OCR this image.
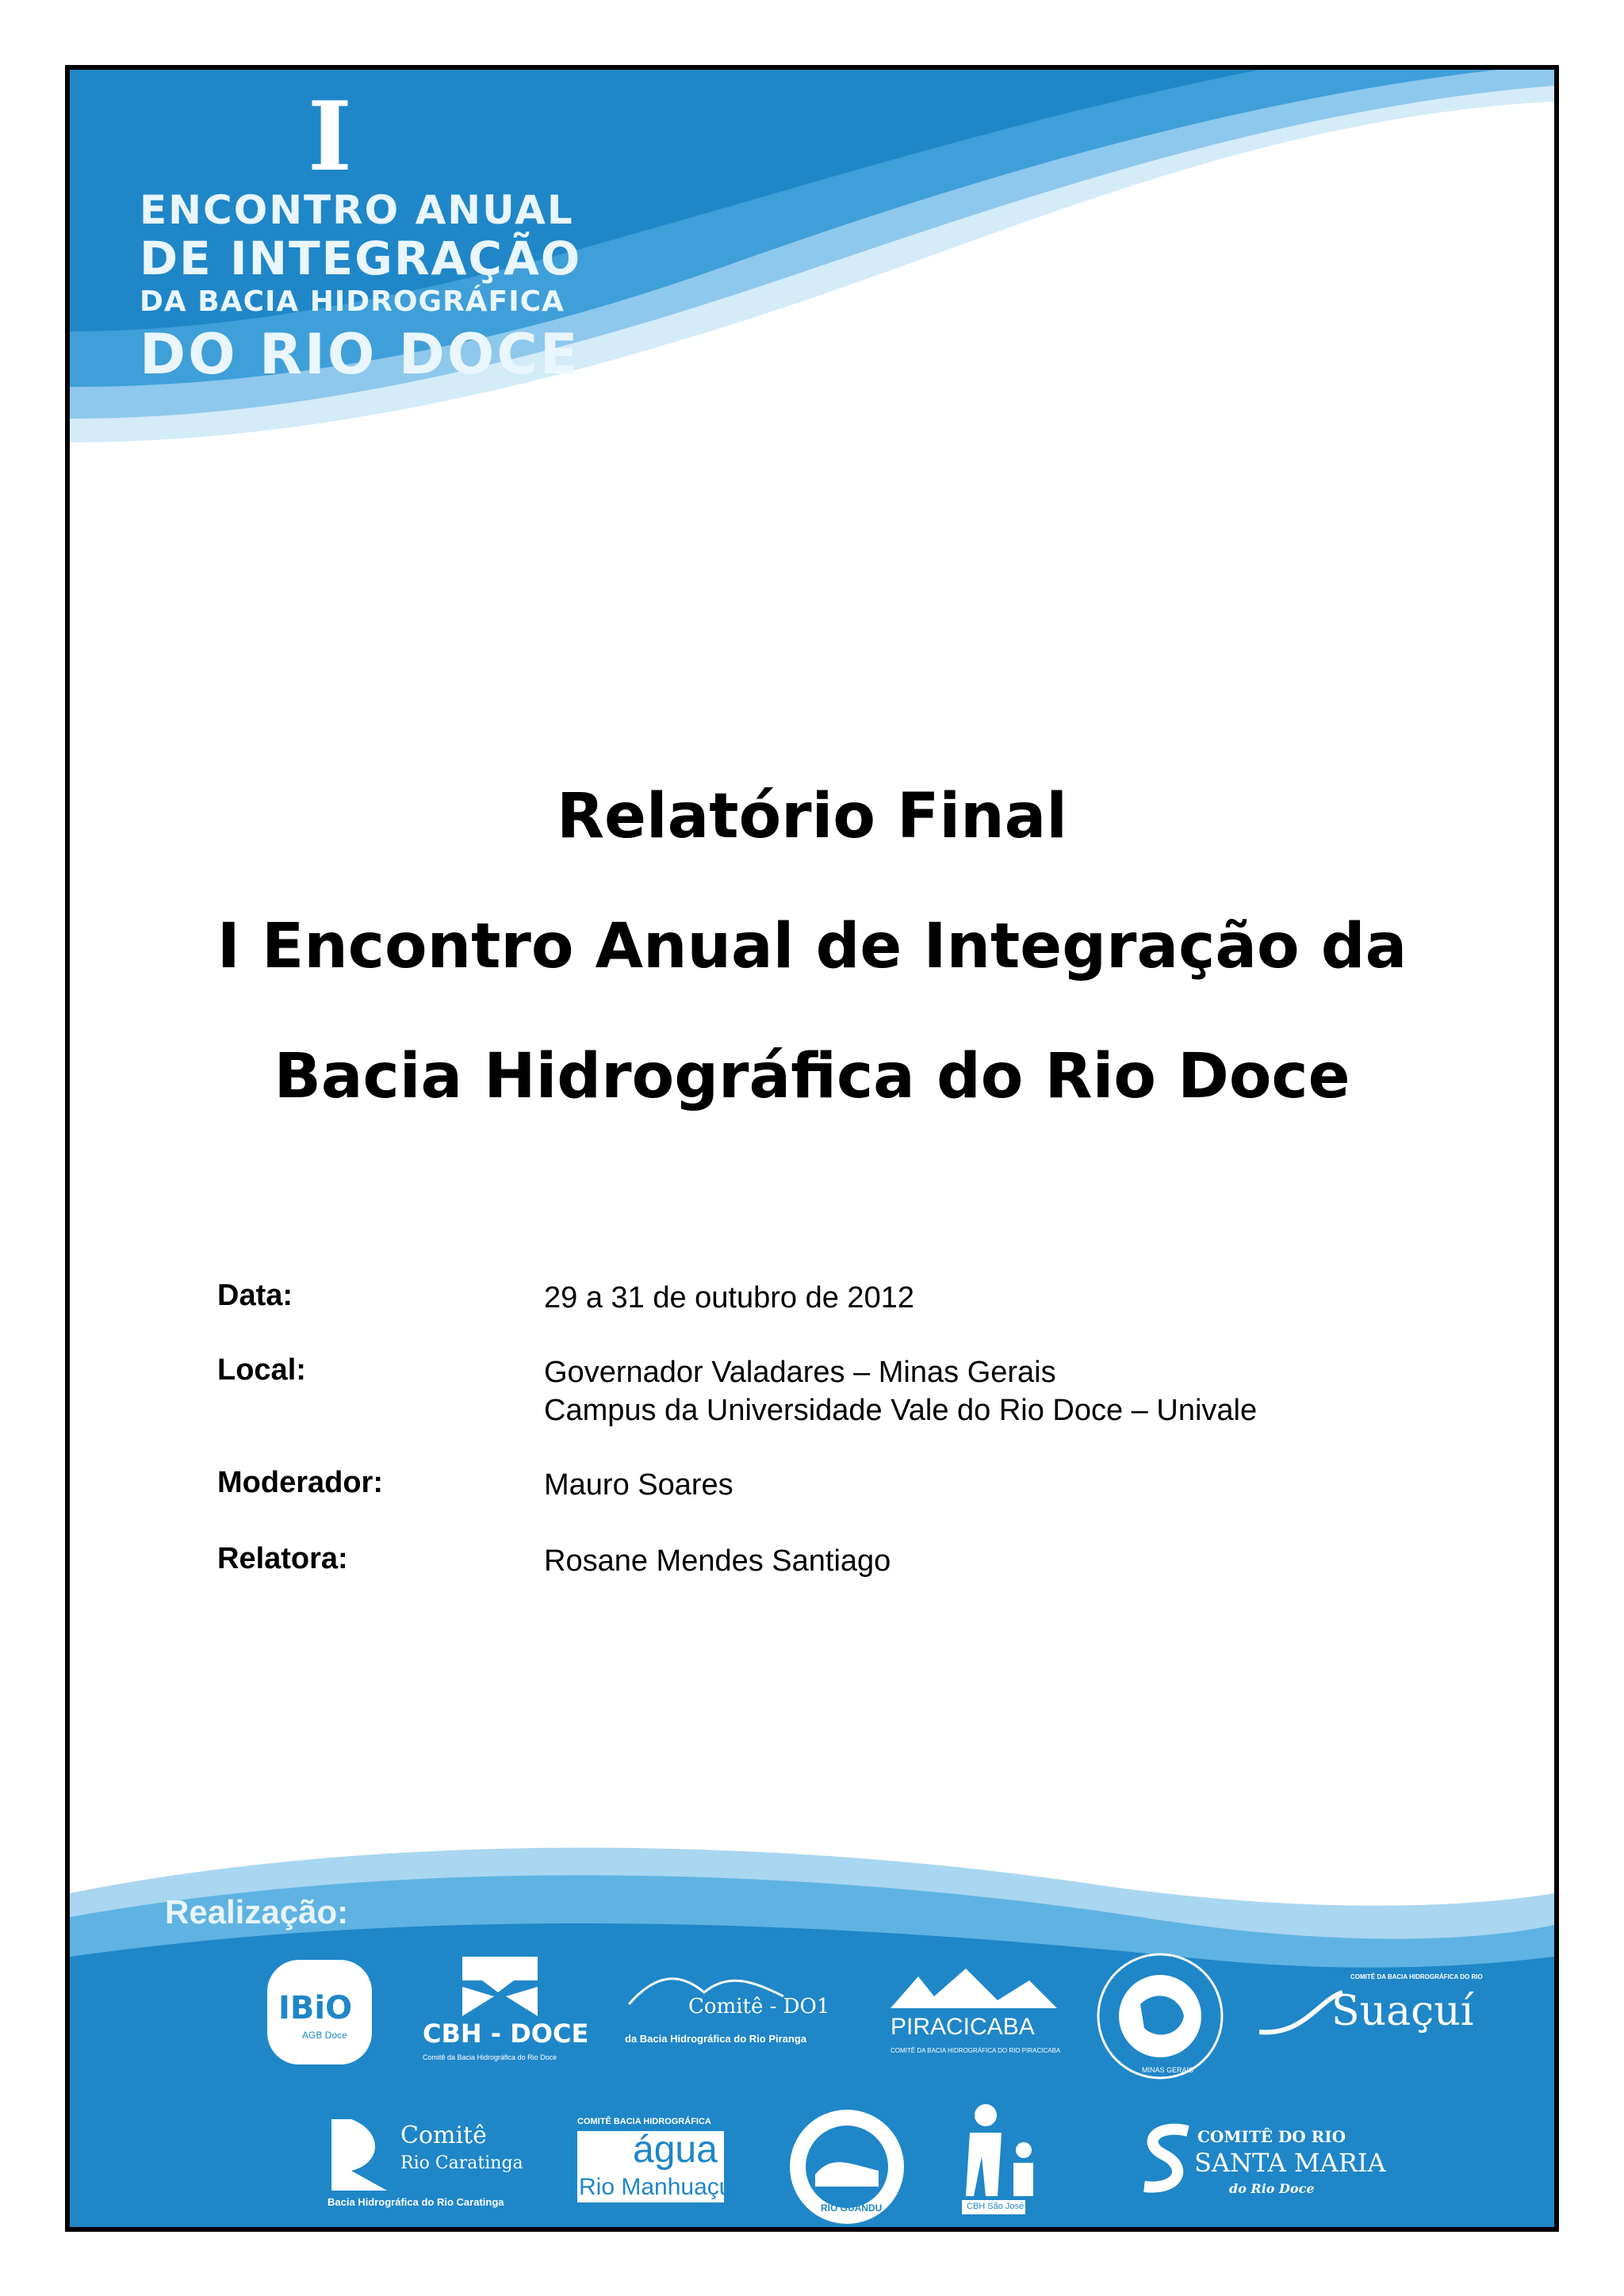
I
ENCONTRO ANUAL
DE INTEGRAÇÃO
DA BACIA HIDROGRÁFICA
DO RIO DOCE
Relatório Final
I Encontro Anual de Integração da
Bacia Hidrográfica do Rio Doce
Data:	29 a 31 de outubro de 2012
Local:	Governador Valadares – Minas Gerais
Campus da Universidade Vale do Rio Doce – Univale
Moderador:	Mauro Soares
Relatora:	Rosane Mendes Santiago
Realização:
IBiO
AGB Doce	CBH - DOCE
Comitê da Bacia Hidrográfica do Rio Doce
Comitê - DO1
da Bacia Hidrográfica do Rio Piranga	PIRACICABA
COMITÊ DA BACIA HIDROGRÁFICA DO RIO PIRACICABA
MINAS GERAIS
COMITÊ DA BACIA HIDROGRÁFICA DO RIO
Suaçuí
Comitê
Rio Caratinga
Bacia Hidrográfica do Rio Caratinga
COMITÊ BACIA HIDROGRÁFICA
água
Rio Manhuaçu
RIO GUANDU	CBH São José
COMITÊ DO RIO
SANTA MARIA
do Rio Doce
